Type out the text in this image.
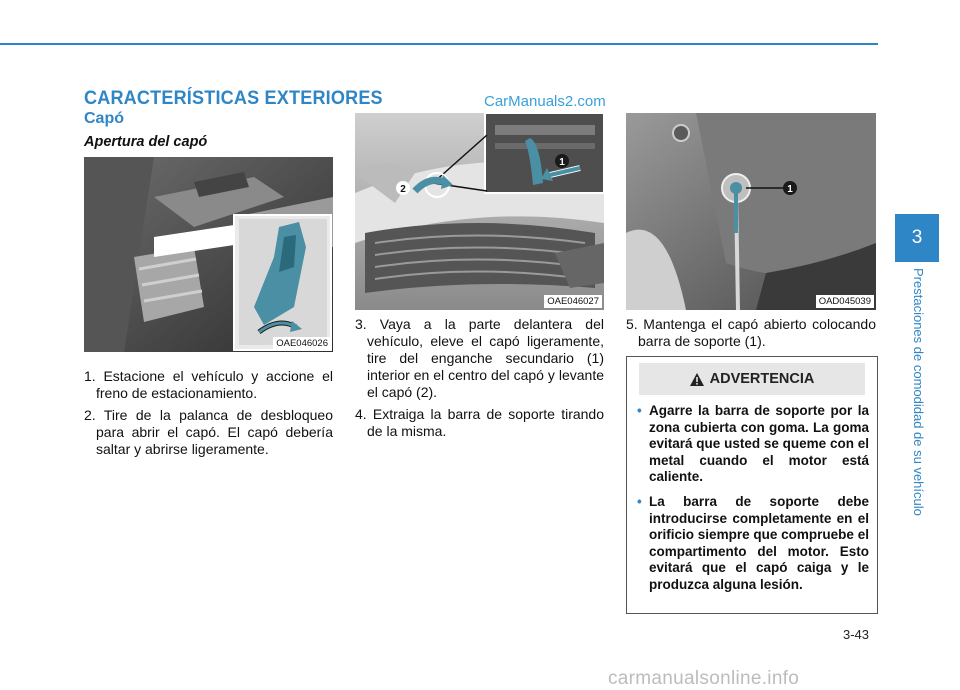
CARACTERÍSTICAS EXTERIORES	CarManuals2.com
Capó
Apertura del capó
OAE046026
1
2
OAE046027
1
OAD045039
1. Estacione el vehículo y accione el freno de estacionamiento.
2. Tire de la palanca de desbloqueo para abrir el capó. El capó debería saltar y abrirse ligeramente.
3. Vaya a la parte delantera del vehículo, eleve el capó ligeramente, tire del enganche secundario (1) interior en el centro del capó y levante el capó (2).
4. Extraiga la barra de soporte tirando de la misma.
5. Mantenga el capó abierto colocando barra de soporte (1).
ADVERTENCIA
• Agarre la barra de soporte por la zona cubierta con goma. La goma evitará que usted se queme con el metal cuando el motor está caliente.
• La barra de soporte debe introducirse completamente en el orificio siempre que compruebe el compartimento del motor. Esto evitará que el capó caiga y le produzca alguna lesión.
3
Prestaciones de comodidad de su vehículo
3-43
carmanualsonline.info
